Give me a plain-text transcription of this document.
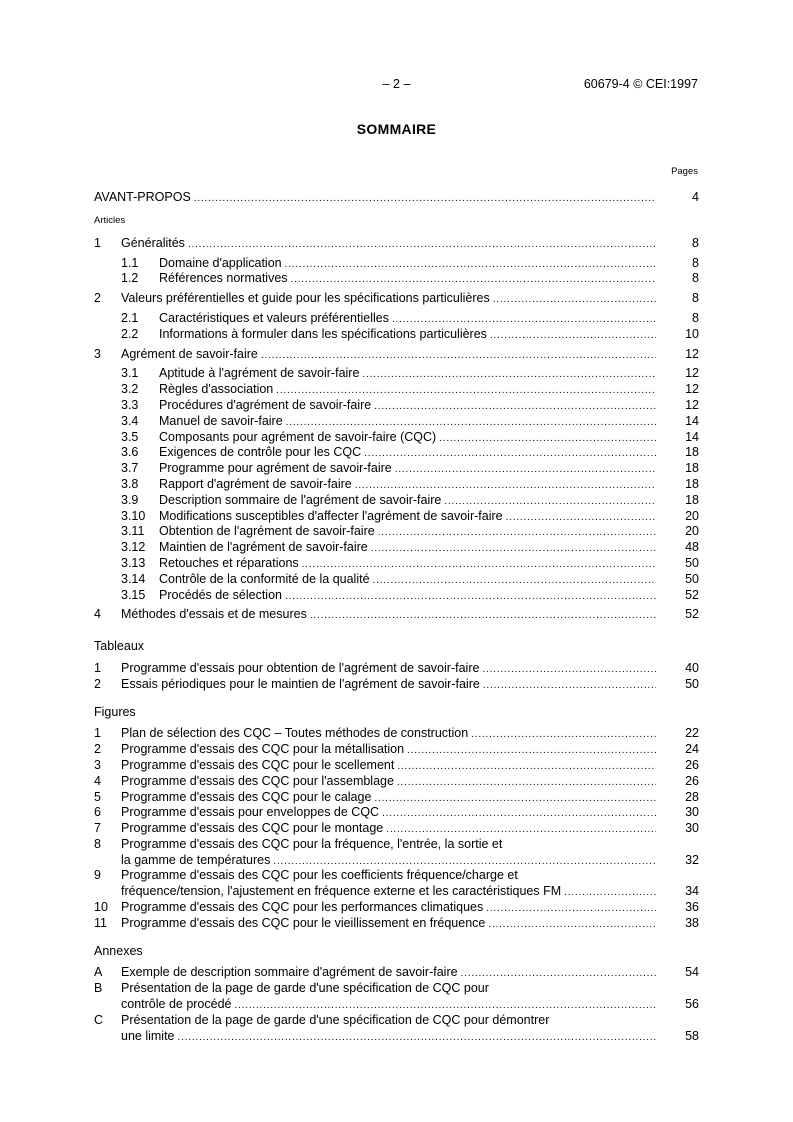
– 2 –	60679-4 © CEI:1997
SOMMAIRE
Pages
AVANT-PROPOS .....	4
Articles
1	Généralités .....	8
1.1	Domaine d'application .....	8
1.2	Références normatives .....	8
2	Valeurs préférentielles et guide pour les spécifications particulières .....	8
2.1	Caractéristiques et valeurs préférentielles .....	8
2.2	Informations à formuler dans les spécifications particulières .....	10
3	Agrément de savoir-faire .....	12
3.1	Aptitude à l'agrément de savoir-faire .....	12
3.2	Règles d'association .....	12
3.3	Procédures d'agrément de savoir-faire .....	12
3.4	Manuel de savoir-faire .....	14
3.5	Composants pour agrément de savoir-faire (CQC) .....	14
3.6	Exigences de contrôle pour les CQC .....	18
3.7	Programme pour agrément de savoir-faire .....	18
3.8	Rapport d'agrément de savoir-faire .....	18
3.9	Description sommaire de l'agrément de savoir-faire .....	18
3.10	Modifications susceptibles d'affecter l'agrément de savoir-faire .....	20
3.11	Obtention de l'agrément de savoir-faire .....	20
3.12	Maintien de l'agrément de savoir-faire .....	48
3.13	Retouches et réparations .....	50
3.14	Contrôle de la conformité de la qualité .....	50
3.15	Procédés de sélection .....	52
4	Méthodes d'essais et de mesures .....	52
Tableaux
1	Programme d'essais pour obtention de l'agrément de savoir-faire .....	40
2	Essais périodiques pour le maintien de l'agrément de savoir-faire .....	50
Figures
1	Plan de sélection des CQC – Toutes méthodes de construction .....	22
2	Programme d'essais des CQC pour la métallisation .....	24
3	Programme d'essais des CQC pour le scellement .....	26
4	Programme d'essais des CQC pour l'assemblage .....	26
5	Programme d'essais des CQC pour le calage .....	28
6	Programme d'essais pour enveloppes de CQC .....	30
7	Programme d'essais des CQC pour le montage .....	30
8	Programme d'essais des CQC pour la fréquence, l'entrée, la sortie et
la gamme de températures .....	32
9	Programme d'essais des CQC pour les coefficients fréquence/charge et
fréquence/tension, l'ajustement en fréquence externe et les caractéristiques FM .....	34
10	Programme d'essais des CQC pour les performances climatiques .....	36
11	Programme d'essais des CQC pour le vieillissement en fréquence .....	38
Annexes
A	Exemple de description sommaire d'agrément de savoir-faire .....	54
B	Présentation de la page de garde d'une spécification de CQC pour
contrôle de procédé .....	56
C	Présentation de la page de garde d'une spécification de CQC pour démontrer
une limite .....	58
